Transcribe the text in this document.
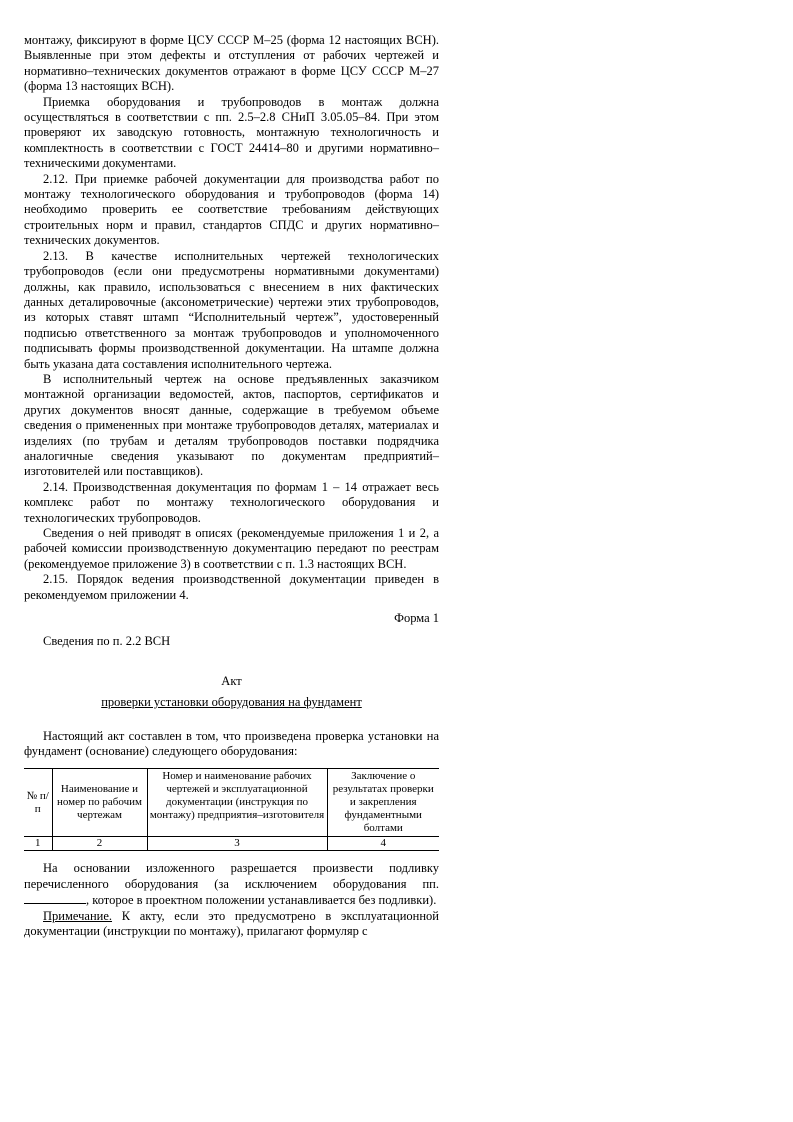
монтажу, фиксируют в форме ЦСУ СССР М–25 (форма 12 настоящих ВСН). Выявленные при этом дефекты и отступления от рабочих чертежей и нормативно–технических документов отражают в форме ЦСУ СССР М–27 (форма 13 настоящих ВСН).

Приемка оборудования и трубопроводов в монтаж должна осуществляться в соответствии с пп. 2.5–2.8 СНиП 3.05.05–84. При этом проверяют их заводскую готовность, монтажную технологичность и комплектность в соответствии с ГОСТ 24414–80 и другими нормативно–техническими документами.

2.12. При приемке рабочей документации для производства работ по монтажу технологического оборудования и трубопроводов (форма 14) необходимо проверить ее соответствие требованиям действующих строительных норм и правил, стандартов СПДС и других нормативно–технических документов.

2.13. В качестве исполнительных чертежей технологических трубопроводов (если они предусмотрены нормативными документами) должны, как правило, использоваться с внесением в них фактических данных деталировочные (аксонометрические) чертежи этих трубопроводов, из которых ставят штамп “Исполнительный чертеж”, удостоверенный подписью ответственного за монтаж трубопроводов и уполномоченного подписывать формы производственной документации. На штампе должна быть указана дата составления исполнительного чертежа.

В исполнительный чертеж на основе предъявленных заказчиком монтажной организации ведомостей, актов, паспортов, сертификатов и других документов вносят данные, содержащие в требуемом объеме сведения о примененных при монтаже трубопроводов деталях, материалах и изделиях (по трубам и деталям трубопроводов поставки подрядчика аналогичные сведения указывают по документам предприятий–изготовителей или поставщиков).

2.14. Производственная документация по формам 1 – 14 отражает весь комплекс работ по монтажу технологического оборудования и технологических трубопроводов.

Сведения о ней приводят в описях (рекомендуемые приложения 1 и 2, а рабочей комиссии производственную документацию передают по реестрам (рекомендуемое приложение 3) в соответствии с п. 1.3 настоящих ВСН.

2.15. Порядок ведения производственной документации приведен в рекомендуемом приложении 4.

Форма 1

Сведения по п. 2.2 ВСН

Акт

проверки установки оборудования на фундамент

Настоящий акт составлен в том, что произведена проверка установки на фундамент (основание) следующего оборудования:

№ п/п	Наименование и номер по рабочим чертежам	Номер и наименование рабочих чертежей и эксплуатационной документации (инструкция по монтажу) предприятия–изготовителя	Заключение о результатах проверки и закрепления фундаментными болтами
1	2	3	4

На основании изложенного разрешается произвести подливку перечисленного оборудования (за исключением оборудования пп. , которое в проектном положении устанавливается без подливки).

Примечание. К акту, если это предусмотрено в эксплуатационной документации (инструкции по монтажу), прилагают формуляр с
